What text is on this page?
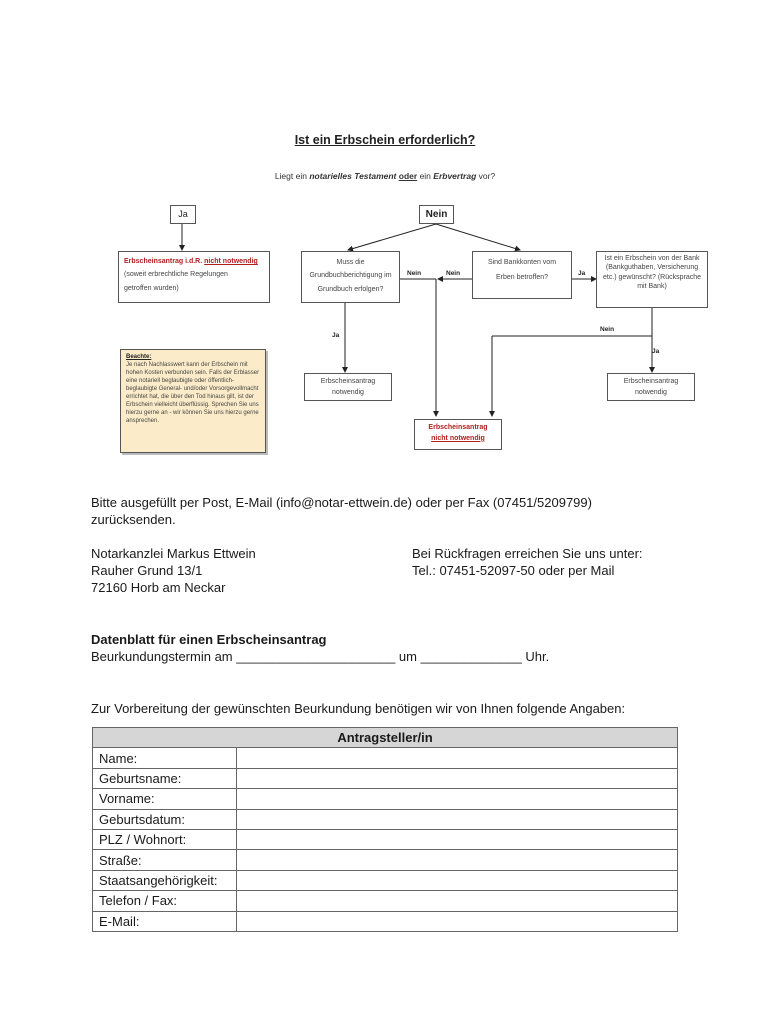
Ist ein Erbschein erforderlich?
Liegt ein notarielles Testament oder ein Erbvertrag vor?
Ja	Nein
Erbscheinsantrag i.d.R. nicht notwendig
(soweit erbrechtliche Regelungen
getroffen wurden)
Muss die Grundbuchberichtigung im Grundbuch erfolgen?
Sind Bankkonten vom Erben betroffen?
Ist ein Erbschein von der Bank (Bankguthaben, Versicherung etc.) gewünscht? (Rücksprache mit Bank)
Ja
Nein	Nein	Ja
Nein
Ja
Erbscheinsantrag notwendig
Erbscheinsantrag notwendig
Erbscheinsantrag
nicht notwendig
Beachte:
Je nach Nachlasswert kann der Erbschein mit hohen Kosten verbunden sein. Falls der Erblasser eine notariell beglaubigte oder öffentlich-beglaubigte General- und/oder Vorsorgevollmacht errichtet hat, die über den Tod hinaus gilt, ist der Erbschein vielleicht überflüssig. Sprechen Sie uns hierzu gerne an - wir können Sie uns hierzu gerne ansprechen.
Bitte ausgefüllt per Post, E-Mail (info@notar-ettwein.de) oder per Fax (07451/5209799)
zurücksenden.
Notarkanzlei Markus Ettwein
Rauher Grund 13/1
72160 Horb am Neckar
Bei Rückfragen erreichen Sie uns unter:
Tel.: 07451-52097-50 oder per Mail
Datenblatt für einen Erbscheinsantrag
Beurkundungstermin am ______________________ um ______________ Uhr.
Zur Vorbereitung der gewünschten Beurkundung benötigen wir von Ihnen folgende Angaben:
Antragsteller/in	
Name:	
Geburtsname:	
Vorname:	
Geburtsdatum:	
PLZ / Wohnort:	
Straße:	
Staatsangehörigkeit:	
Telefon / Fax:	
E-Mail:	
